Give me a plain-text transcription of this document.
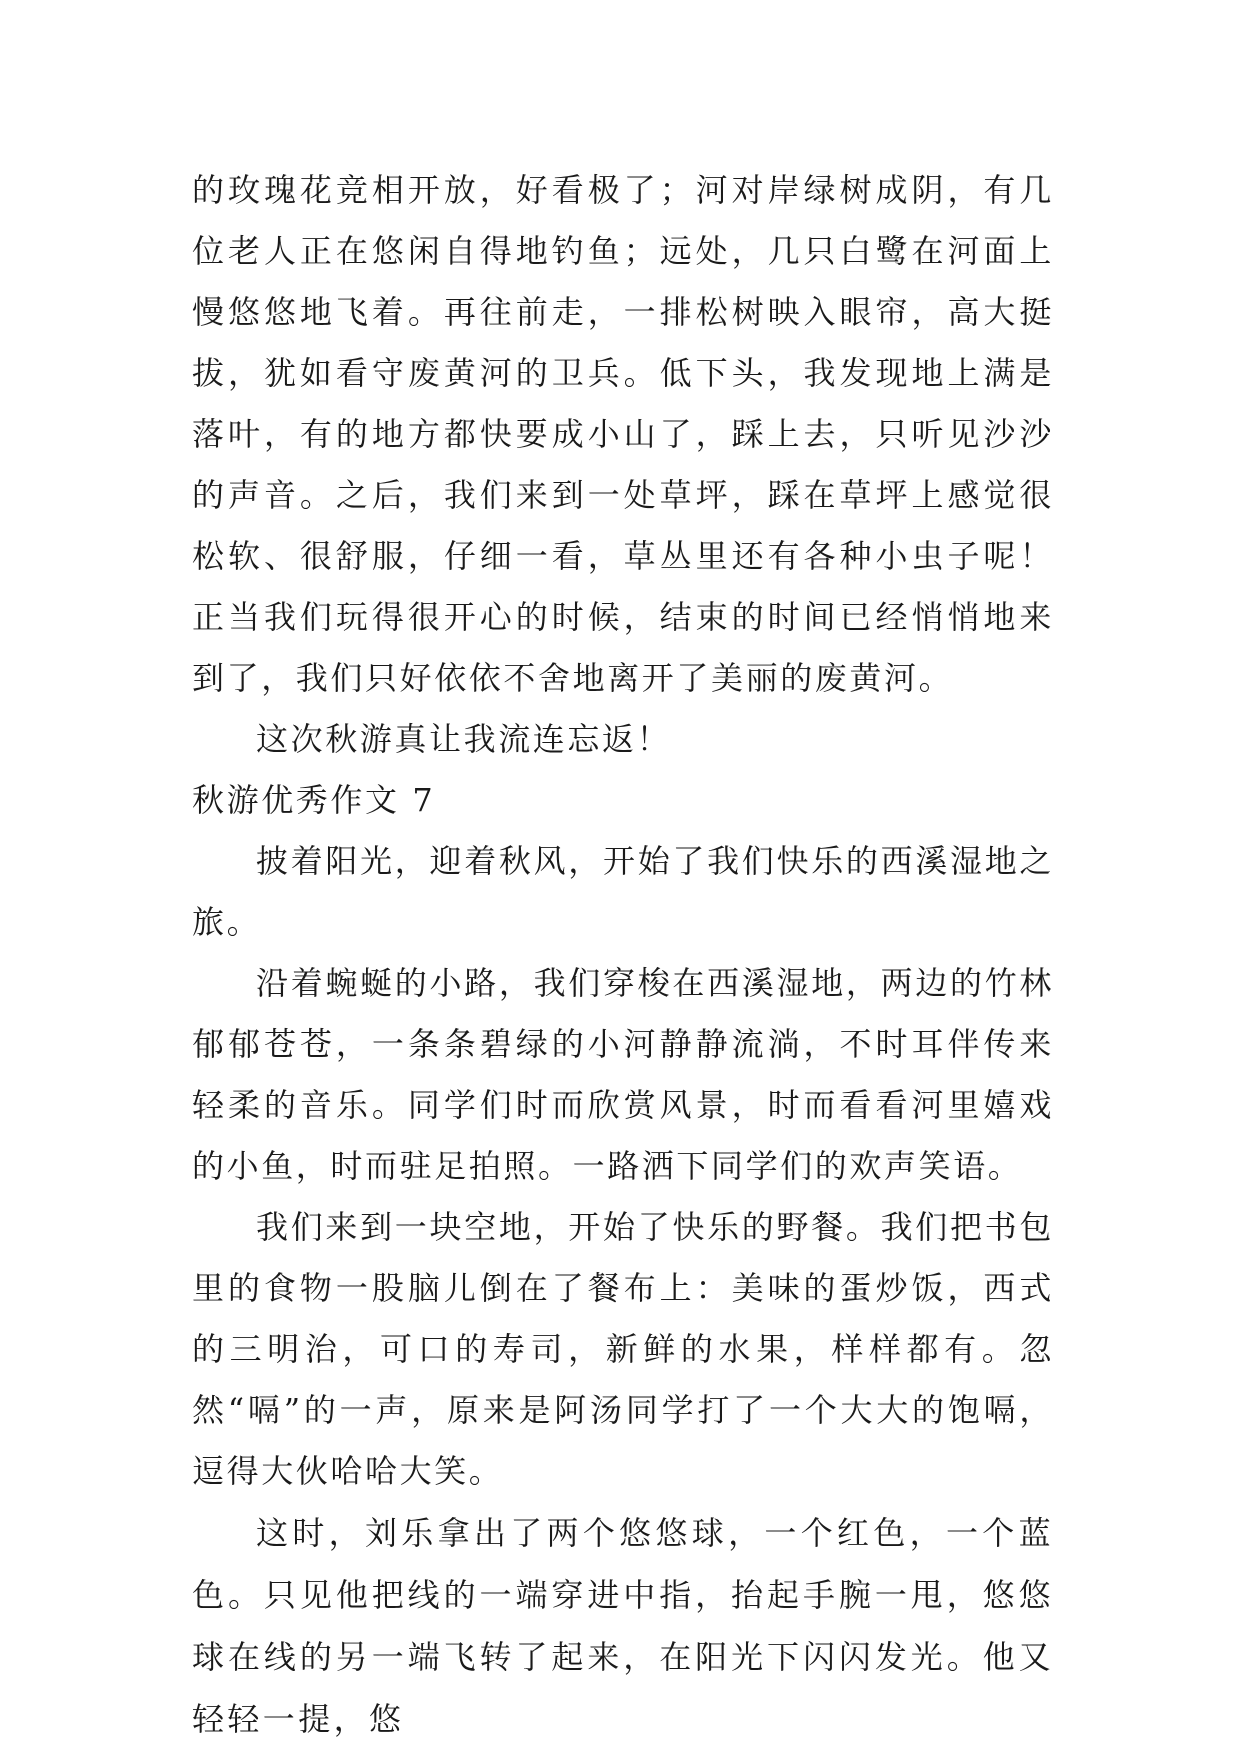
的玫瑰花竞相开放，好看极了；河对岸绿树成阴，有几位老人正在悠闲自得地钓鱼；远处，几只白鹭在河面上慢悠悠地飞着。再往前走，一排松树映入眼帘，高大挺拔，犹如看守废黄河的卫兵。低下头，我发现地上满是落叶，有的地方都快要成小山了，踩上去，只听见沙沙的声音。之后，我们来到一处草坪，踩在草坪上感觉很松软、很舒服，仔细一看，草丛里还有各种小虫子呢！正当我们玩得很开心的时候，结束的时间已经悄悄地来到了，我们只好依依不舍地离开了美丽的废黄河。

这次秋游真让我流连忘返！

秋游优秀作文 7

披着阳光，迎着秋风，开始了我们快乐的西溪湿地之旅。

沿着蜿蜒的小路，我们穿梭在西溪湿地，两边的竹林郁郁苍苍，一条条碧绿的小河静静流淌，不时耳伴传来轻柔的音乐。同学们时而欣赏风景，时而看看河里嬉戏的小鱼，时而驻足拍照。一路洒下同学们的欢声笑语。

我们来到一块空地，开始了快乐的野餐。我们把书包里的食物一股脑儿倒在了餐布上：美味的蛋炒饭，西式的三明治，可口的寿司，新鲜的水果，样样都有。忽然“嗝”的一声，原来是阿汤同学打了一个大大的饱嗝，逗得大伙哈哈大笑。

这时，刘乐拿出了两个悠悠球，一个红色，一个蓝色。只见他把线的一端穿进中指，抬起手腕一甩，悠悠球在线的另一端飞转了起来，在阳光下闪闪发光。他又轻轻一提，悠
